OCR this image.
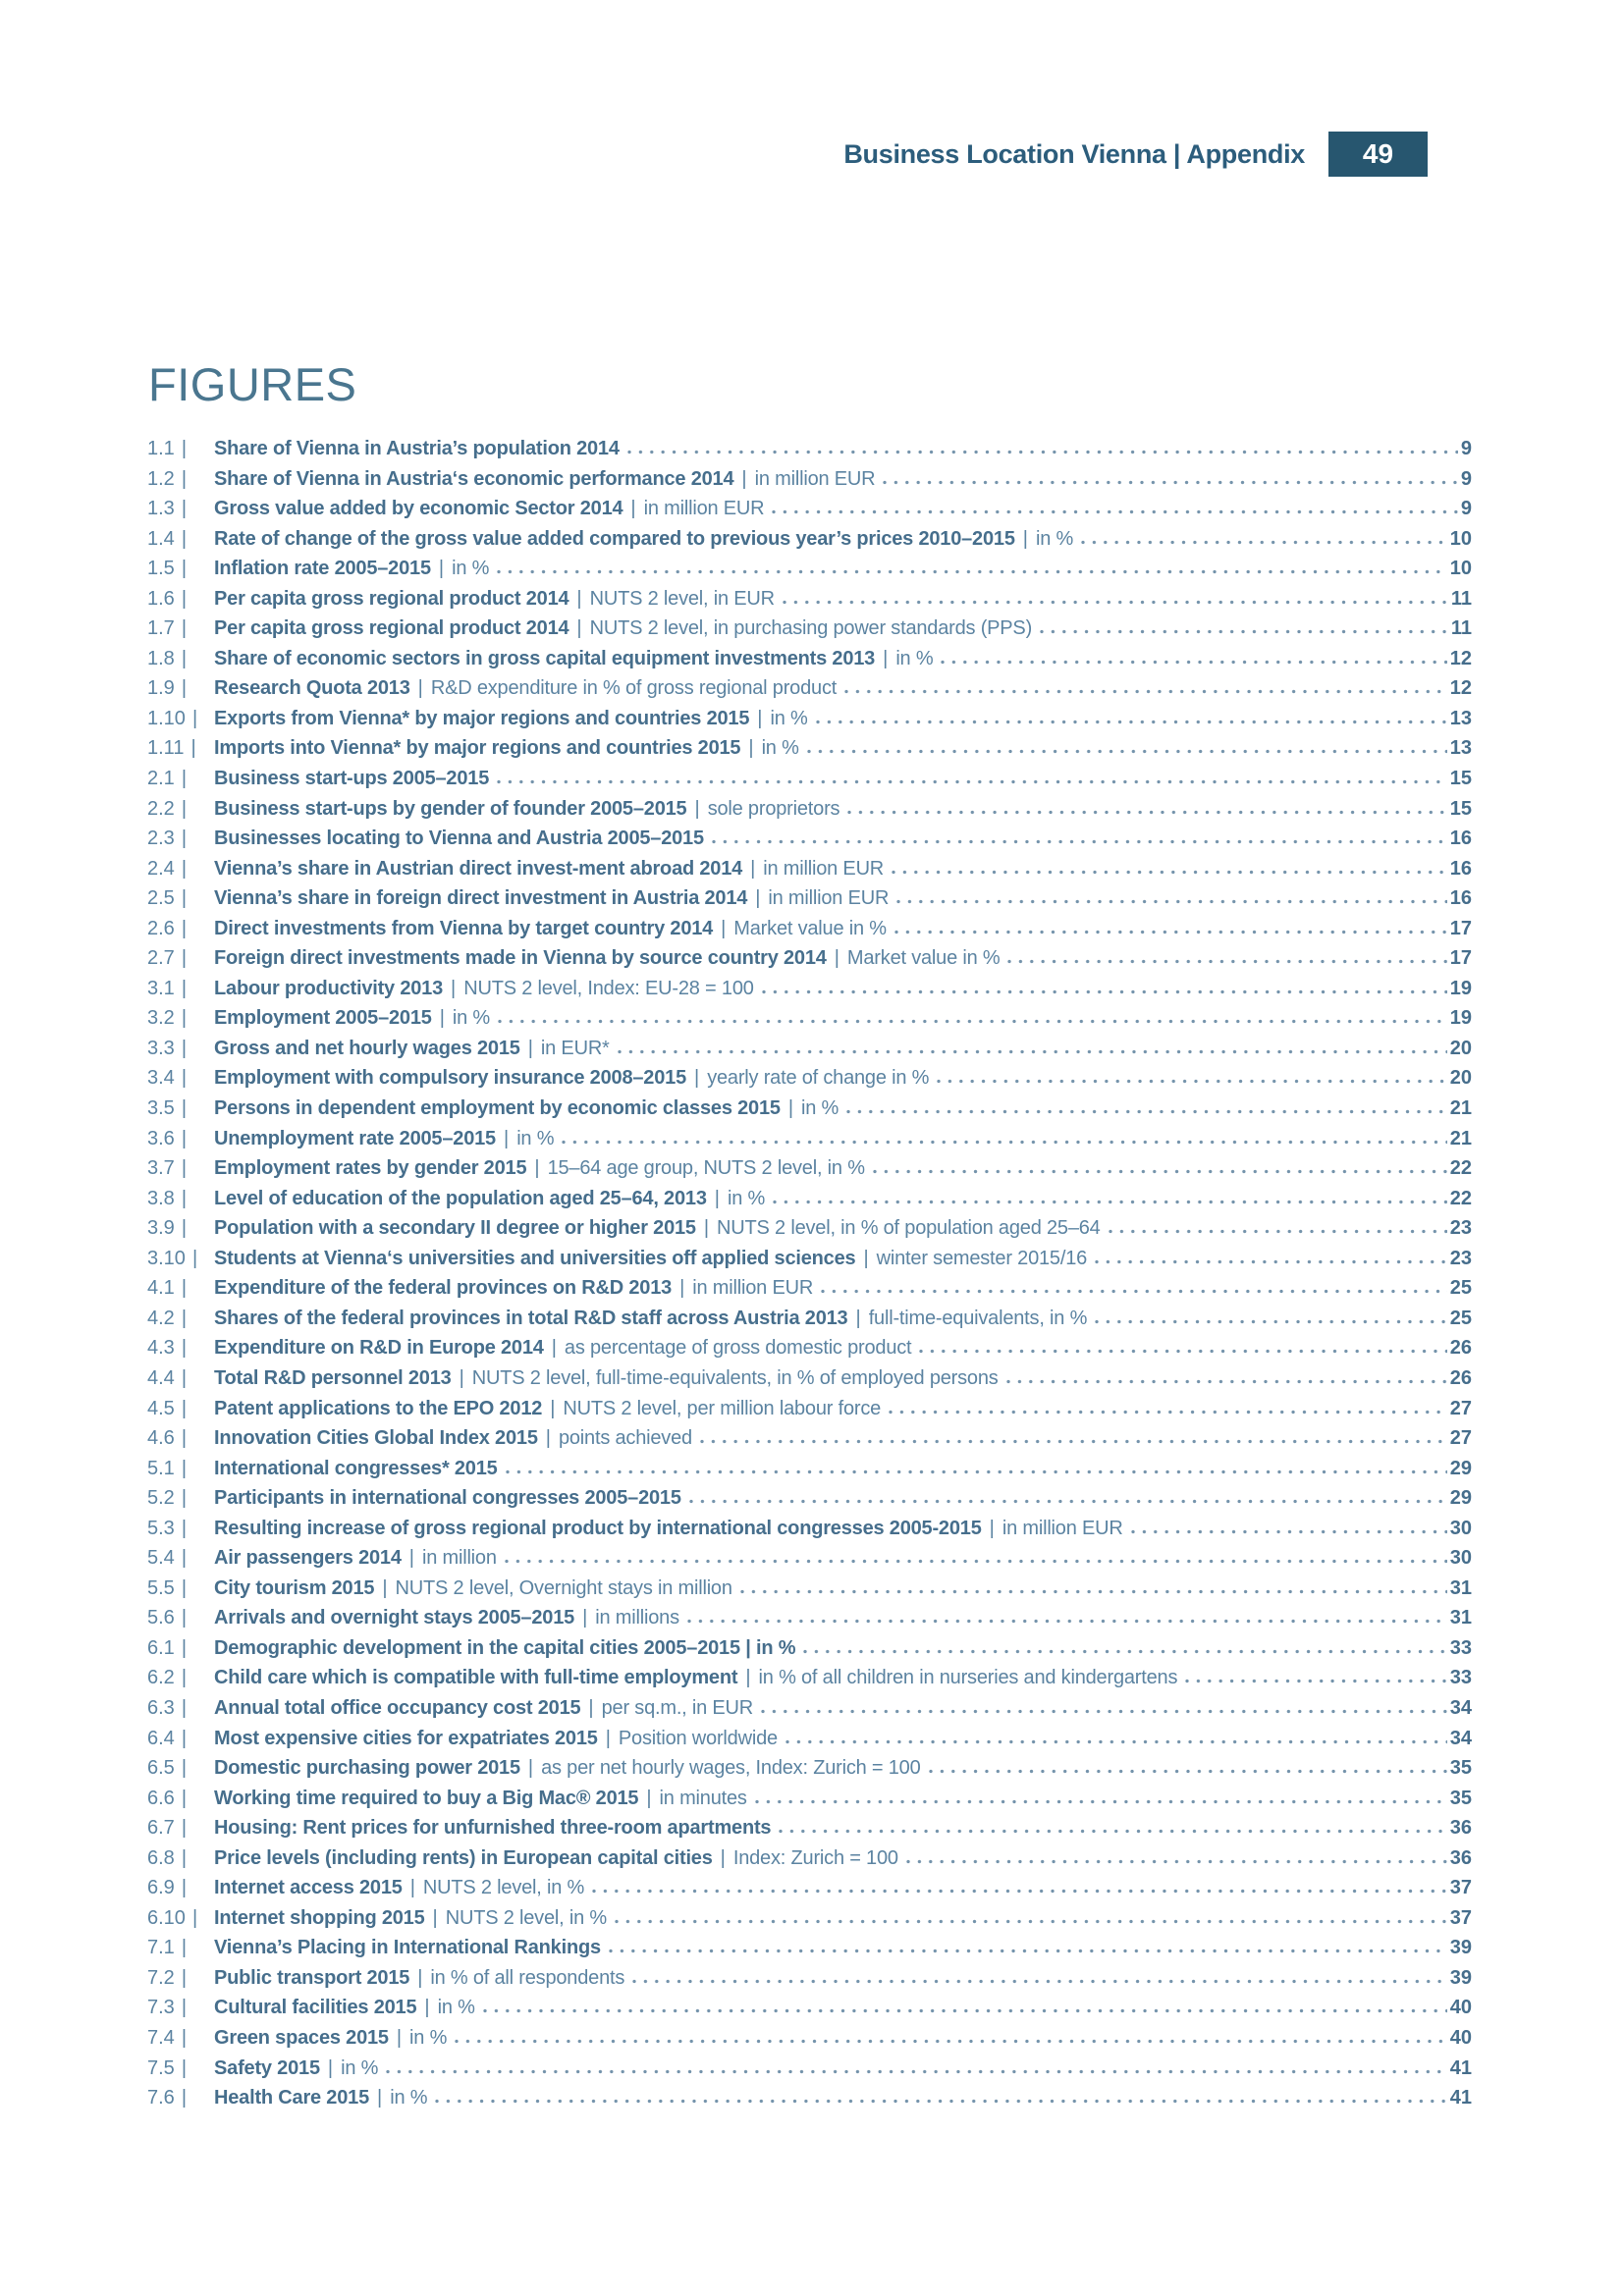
Business Location Vienna | Appendix	49
FIGURES
1.1 |	Share of Vienna in Austria’s population 2014	9
1.2 |	Share of Vienna in Austria‘s economic performance 2014 | in million EUR	9
1.3 |	Gross value added by economic Sector 2014 | in million EUR	9
1.4 |	Rate of change of the gross value added compared to previous year’s prices 2010–2015 | in %	10
1.5 |	Inflation rate 2005–2015 | in %	10
1.6 |	Per capita gross regional product 2014 | NUTS 2 level, in EUR	11
1.7 |	Per capita gross regional product 2014 | NUTS 2 level, in purchasing power standards (PPS)	11
1.8 |	Share of economic sectors in gross capital equipment investments 2013 | in %	12
1.9 |	Research Quota 2013 | R&D expenditure in % of gross regional product	12
1.10 |	Exports from Vienna* by major regions and countries 2015 | in %	13
1.11 |	Imports into Vienna* by major regions and countries 2015 | in %	13
2.1 |	Business start-ups 2005–2015	15
2.2 |	Business start-ups by gender of founder 2005–2015 | sole proprietors	15
2.3 |	Businesses locating to Vienna and Austria 2005–2015	16
2.4 |	Vienna’s share in Austrian direct invest-ment abroad 2014 | in million EUR	16
2.5 |	Vienna’s share in foreign direct investment in Austria 2014 | in million EUR	16
2.6 |	Direct investments from Vienna by target country 2014 | Market value in %	17
2.7 |	Foreign direct investments made in Vienna by source country 2014 | Market value in %	17
3.1 |	Labour productivity 2013 | NUTS 2 level, Index: EU-28 = 100	19
3.2 |	Employment 2005–2015 | in %	19
3.3 |	Gross and net hourly wages 2015 | in EUR*	20
3.4 |	Employment with compulsory insurance 2008–2015 | yearly rate of change in %	20
3.5 |	Persons in dependent employment by economic classes 2015 | in %	21
3.6 |	Unemployment rate 2005–2015 | in %	21
3.7 |	Employment rates by gender 2015 | 15–64 age group, NUTS 2 level, in %	22
3.8 |	Level of education of the population aged 25–64, 2013 | in %	22
3.9 |	Population with a secondary II degree or higher 2015 | NUTS 2 level, in % of population aged 25–64	23
3.10 |	Students at Vienna‘s universities and universities off applied sciences | winter semester 2015/16	23
4.1 |	Expenditure of the federal provinces on R&D 2013 | in million EUR	25
4.2 |	Shares of the federal provinces in total R&D staff across Austria 2013 | full-time-equivalents, in %	25
4.3 |	Expenditure on R&D in Europe 2014 | as percentage of gross domestic product	26
4.4 |	Total R&D personnel 2013 | NUTS 2 level, full-time-equivalents, in % of employed persons	26
4.5 |	Patent applications to the EPO 2012 | NUTS 2 level, per million labour force	27
4.6 |	Innovation Cities Global Index 2015 | points achieved	27
5.1 |	International congresses* 2015	29
5.2 |	Participants in international congresses 2005–2015	29
5.3 |	Resulting increase of gross regional product by international congresses 2005-2015 | in million EUR	30
5.4 |	Air passengers 2014 | in million	30
5.5 |	City tourism 2015 | NUTS 2 level, Overnight stays in million	31
5.6 |	Arrivals and overnight stays 2005–2015 | in millions	31
6.1 |	Demographic development in the capital cities 2005–2015 | in %	33
6.2 |	Child care which is compatible with full-time employment | in % of all children in nurseries and kindergartens	33
6.3 |	Annual total office occupancy cost 2015 | per sq.m., in EUR	34
6.4 |	Most expensive cities for expatriates 2015 | Position worldwide	34
6.5 |	Domestic purchasing power 2015 | as per net hourly wages, Index: Zurich = 100	35
6.6 |	Working time required to buy a Big Mac® 2015 | in minutes	35
6.7 |	Housing: Rent prices for unfurnished three-room apartments	36
6.8 |	Price levels (including rents) in European capital cities | Index: Zurich = 100	36
6.9 |	Internet access 2015 | NUTS 2 level, in %	37
6.10 |	Internet shopping 2015 | NUTS 2 level, in %	37
7.1 |	Vienna’s Placing in International Rankings	39
7.2 |	Public transport 2015 | in % of all respondents	39
7.3 |	Cultural facilities 2015 | in %	40
7.4 |	Green spaces 2015 | in %	40
7.5 |	Safety 2015 | in %	41
7.6 |	Health Care 2015 | in %	41
